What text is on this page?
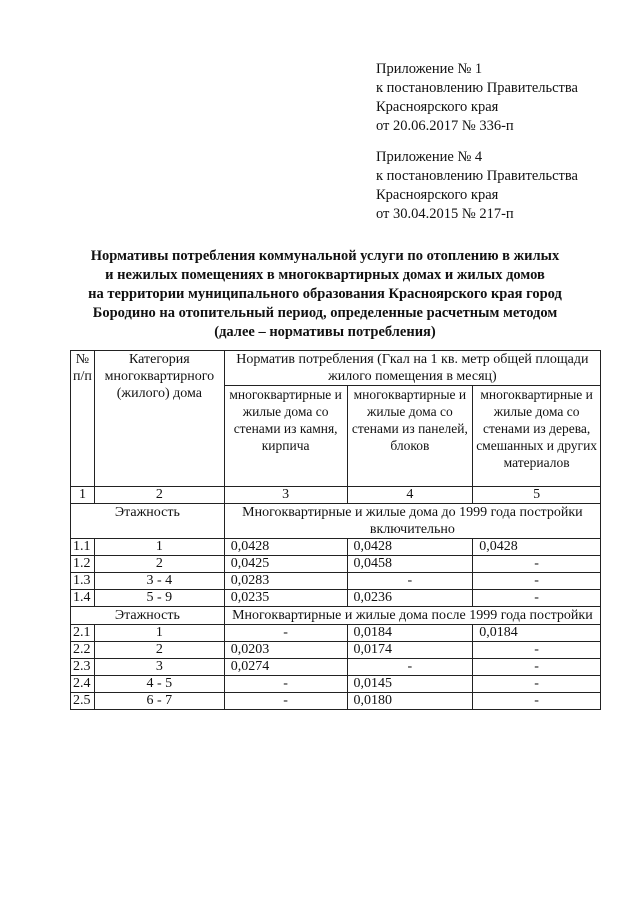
Приложение № 1
к постановлению Правительства
Красноярского края
от 20.06.2017 № 336-п
Приложение № 4
к постановлению Правительства
Красноярского края
от 30.04.2015 № 217-п
Нормативы потребления коммунальной услуги по отоплению в жилых
и нежилых помещениях в многоквартирных домах и жилых домов
на территории муниципального образования Красноярского края город
Бородино на отопительный период, определенные расчетным методом
(далее – нормативы потребления)
№ п/п	Категория многоквартирного (жилого) дома	Норматив потребления (Гкал на 1 кв. метр общей площади жилого помещения в месяц)		
		многоквартирные и жилые дома со стенами из камня, кирпича	многоквартирные и жилые дома со стенами из панелей, блоков	многоквартирные и жилые дома со стенами из дерева, смешанных и других материалов
1	2	3	4	5
Этажность		Многоквартирные и жилые дома до 1999 года постройки включительно		
1.1	1	0,0428	0,0428	0,0428
1.2	2	0,0425	0,0458	-
1.3	3 - 4	0,0283	-	-
1.4	5 - 9	0,0235	0,0236	-
Этажность		Многоквартирные и жилые дома после 1999 года постройки		
2.1	1	-	0,0184	0,0184
2.2	2	0,0203	0,0174	-
2.3	3	0,0274	-	-
2.4	4 - 5	-	0,0145	-
2.5	6 - 7	-	0,0180	-
